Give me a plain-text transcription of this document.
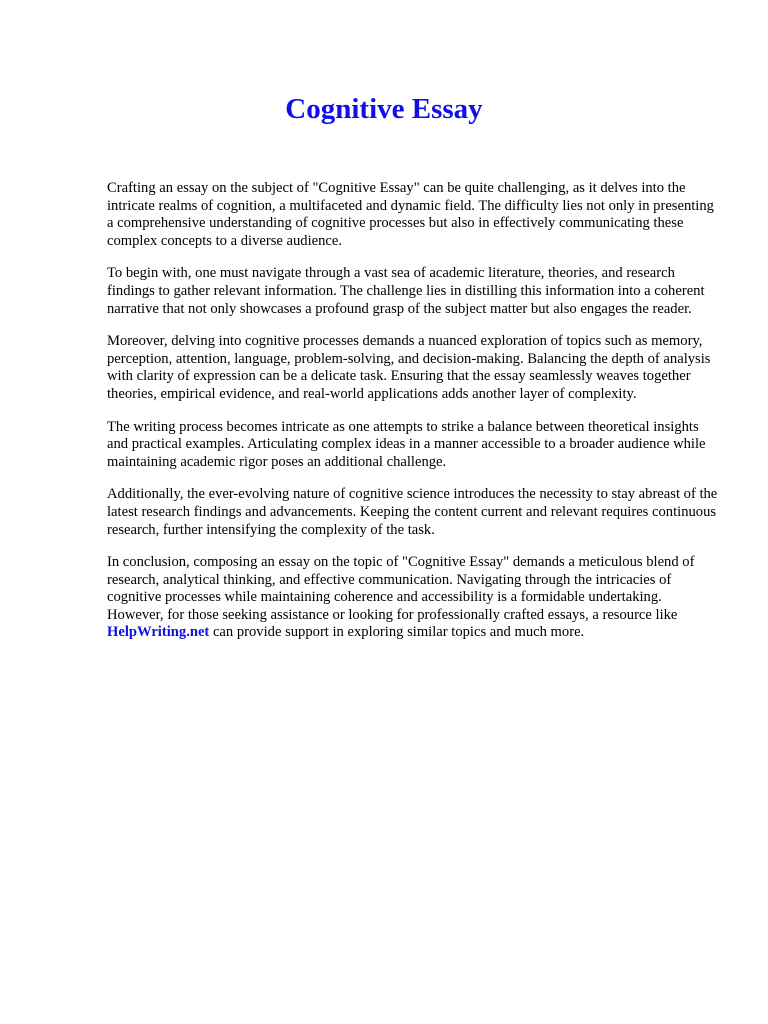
Cognitive Essay

Crafting an essay on the subject of "Cognitive Essay" can be quite challenging, as it delves into the intricate realms of cognition, a multifaceted and dynamic field. The difficulty lies not only in presenting a comprehensive understanding of cognitive processes but also in effectively communicating these complex concepts to a diverse audience.

To begin with, one must navigate through a vast sea of academic literature, theories, and research findings to gather relevant information. The challenge lies in distilling this information into a coherent narrative that not only showcases a profound grasp of the subject matter but also engages the reader.

Moreover, delving into cognitive processes demands a nuanced exploration of topics such as memory, perception, attention, language, problem-solving, and decision-making. Balancing the depth of analysis with clarity of expression can be a delicate task. Ensuring that the essay seamlessly weaves together theories, empirical evidence, and real-world applications adds another layer of complexity.

The writing process becomes intricate as one attempts to strike a balance between theoretical insights and practical examples. Articulating complex ideas in a manner accessible to a broader audience while maintaining academic rigor poses an additional challenge.

Additionally, the ever-evolving nature of cognitive science introduces the necessity to stay abreast of the latest research findings and advancements. Keeping the content current and relevant requires continuous research, further intensifying the complexity of the task.

In conclusion, composing an essay on the topic of "Cognitive Essay" demands a meticulous blend of research, analytical thinking, and effective communication. Navigating through the intricacies of cognitive processes while maintaining coherence and accessibility is a formidable undertaking. However, for those seeking assistance or looking for professionally crafted essays, a resource like HelpWriting.net can provide support in exploring similar topics and much more.
